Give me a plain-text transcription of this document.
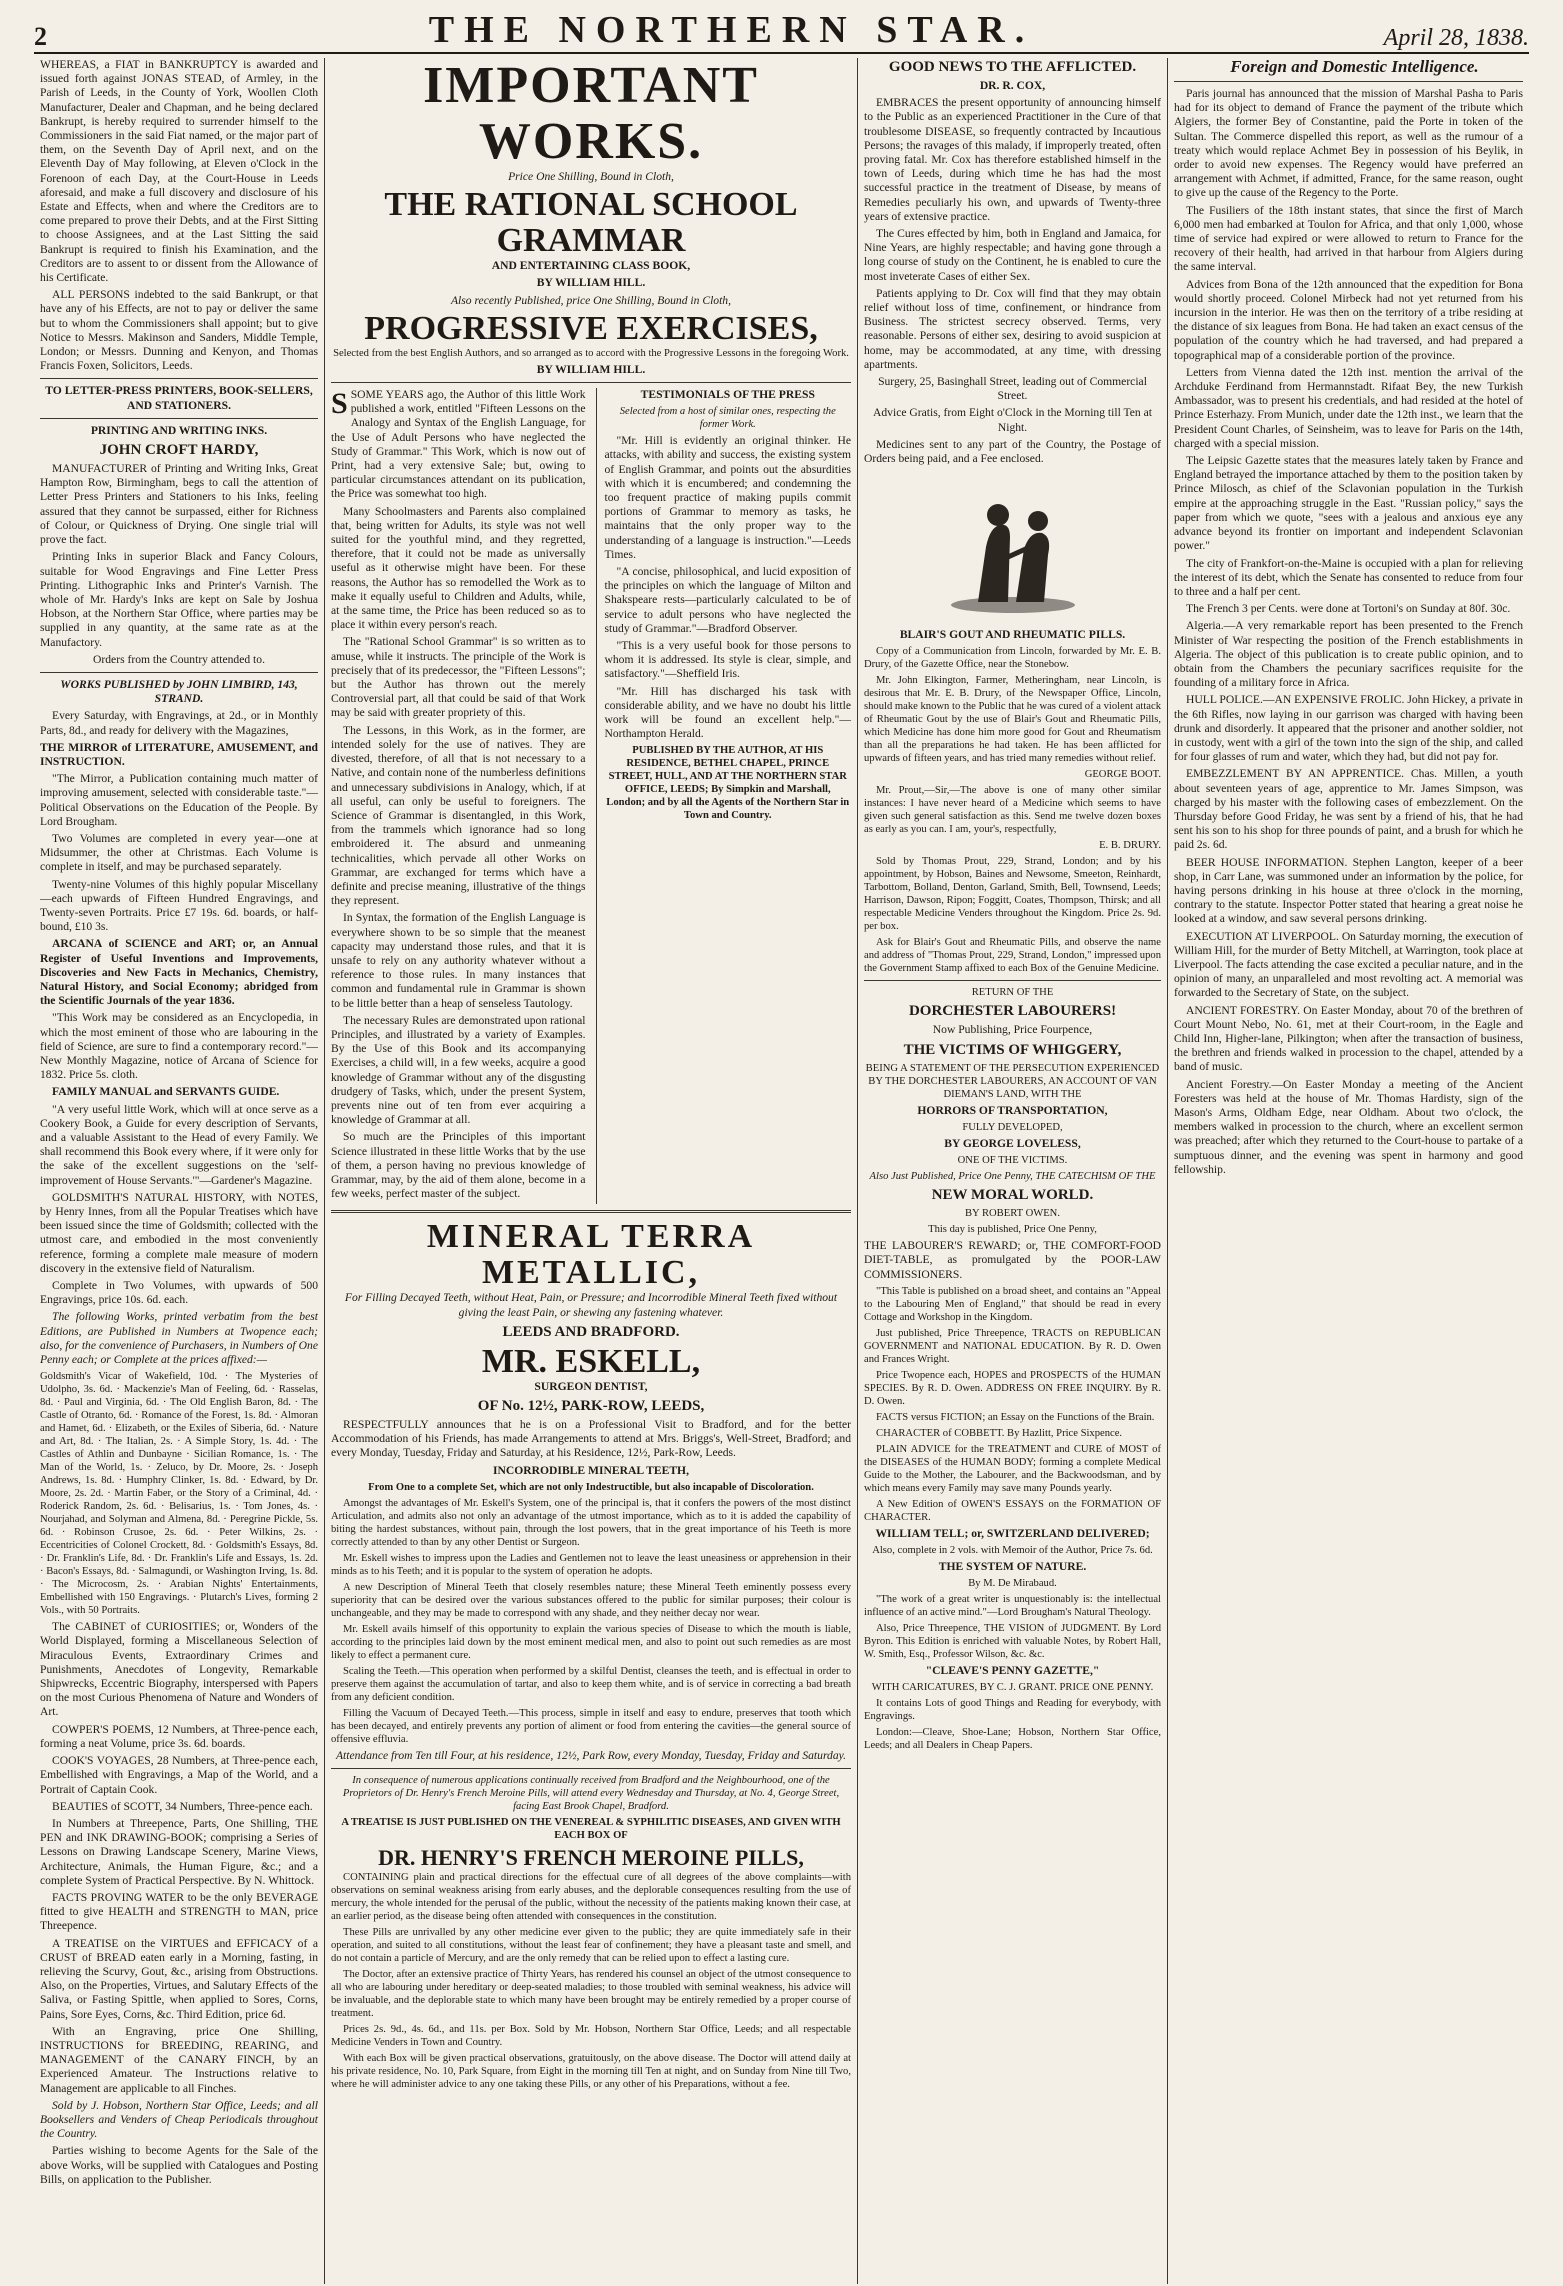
2	THE NORTHERN STAR.	April 28, 1838.

WHEREAS, a FIAT in BANKRUPTCY is awarded and issued forth against JONAS STEAD, of Armley, in the Parish of Leeds, in the County of York, Woollen Cloth Manufacturer, Dealer and Chapman, and he being declared Bankrupt, is hereby required to surrender himself to the Commissioners in the said Fiat named, or the major part of them, on the Seventh Day of April next, and on the Eleventh Day of May following, at Eleven o'Clock in the Forenoon of each Day, at the Court-House in Leeds aforesaid, and make a full discovery and disclosure of his Estate and Effects, when and where the Creditors are to come prepared to prove their Debts, and at the First Sitting to choose Assignees, and at the Last Sitting the said Bankrupt is required to finish his Examination, and the Creditors are to assent to or dissent from the Allowance of his Certificate.

ALL PERSONS indebted to the said Bankrupt, or that have any of his Effects, are not to pay or deliver the same but to whom the Commissioners shall appoint; but to give Notice to Messrs. Makinson and Sanders, Middle Temple, London; or Messrs. Dunning and Kenyon, and Thomas Francis Foxen, Solicitors, Leeds.

TO LETTER-PRESS PRINTERS, BOOK-SELLERS, AND STATIONERS.

PRINTING AND WRITING INKS.

JOHN CROFT HARDY,

MANUFACTURER of Printing and Writing Inks, Great Hampton Row, Birmingham, begs to call the attention of Letter Press Printers and Stationers to his Inks, feeling assured that they cannot be surpassed, either for Richness of Colour, or Quickness of Drying. One single trial will prove the fact.

Printing Inks in superior Black and Fancy Colours, suitable for Wood Engravings and Fine Letter Press Printing. Lithographic Inks and Printer's Varnish. The whole of Mr. Hardy's Inks are kept on Sale by Joshua Hobson, at the Northern Star Office, where parties may be supplied in any quantity, at the same rate as at the Manufactory.

Orders from the Country attended to.

WORKS PUBLISHED by JOHN LIMBIRD, 143, STRAND.

Every Saturday, with Engravings, at 2d., or in Monthly Parts, 8d., and ready for delivery with the Magazines,

THE MIRROR of LITERATURE, AMUSEMENT, and INSTRUCTION.

"The Mirror, a Publication containing much matter of improving amusement, selected with considerable taste."—Political Observations on the Education of the People. By Lord Brougham.

Two Volumes are completed in every year—one at Midsummer, the other at Christmas. Each Volume is complete in itself, and may be purchased separately.

Twenty-nine Volumes of this highly popular Miscellany—each upwards of Fifteen Hundred Engravings, and Twenty-seven Portraits. Price £7 19s. 6d. boards, or half-bound, £10 3s.

ARCANA of SCIENCE and ART; or, an Annual Register of Useful Inventions and Improvements, Discoveries and New Facts in Mechanics, Chemistry, Natural History, and Social Economy; abridged from the Scientific Journals of the year 1836.

"This Work may be considered as an Encyclopedia, in which the most eminent of those who are labouring in the field of Science, are sure to find a contemporary record."—New Monthly Magazine, notice of Arcana of Science for 1832. Price 5s. cloth.

FAMILY MANUAL and SERVANTS GUIDE.

"A very useful little Work, which will at once serve as a Cookery Book, a Guide for every description of Servants, and a valuable Assistant to the Head of every Family. We shall recommend this Book every where, if it were only for the sake of the excellent suggestions on the 'self-improvement of House Servants.'"—Gardener's Magazine.

GOLDSMITH'S NATURAL HISTORY, with NOTES, by Henry Innes, from all the Popular Treatises which have been issued since the time of Goldsmith; collected with the utmost care, and embodied in the most conveniently reference, forming a complete male measure of modern discovery in the extensive field of Naturalism.

Complete in Two Volumes, with upwards of 500 Engravings, price 10s. 6d. each.

The following Works, printed verbatim from the best Editions, are Published in Numbers at Twopence each; also, for the convenience of Purchasers, in Numbers of One Penny each; or Complete at the prices affixed:—

Goldsmith's Vicar of Wakefield, 10d. · The Mysteries of Udolpho, 3s. 6d. · Mackenzie's Man of Feeling, 6d. · Rasselas, 8d. · Paul and Virginia, 6d. · The Old English Baron, 8d. · The Castle of Otranto, 6d. · Romance of the Forest, 1s. 8d. · Almoran and Hamet, 6d. · Elizabeth, or the Exiles of Siberia, 6d. · Nature and Art, 8d. · The Italian, 2s. · A Simple Story, 1s. 4d. · The Castles of Athlin and Dunbayne · Sicilian Romance, 1s. · The Man of the World, 1s. · Zeluco, by Dr. Moore, 2s. · Joseph Andrews, 1s. 8d. · Humphry Clinker, 1s. 8d. · Edward, by Dr. Moore, 2s. 2d. · Martin Faber, or the Story of a Criminal, 4d. · Roderick Random, 2s. 6d. · Belisarius, 1s. · Tom Jones, 4s. · Nourjahad, and Solyman and Almena, 8d. · Peregrine Pickle, 5s. 6d. · Robinson Crusoe, 2s. 6d. · Peter Wilkins, 2s. · Eccentricities of Colonel Crockett, 8d. · Goldsmith's Essays, 8d. · Dr. Franklin's Life, 8d. · Dr. Franklin's Life and Essays, 1s. 2d. · Bacon's Essays, 8d. · Salmagundi, or Washington Irving, 1s. 8d. · The Microcosm, 2s. · Arabian Nights' Entertainments, Embellished with 150 Engravings. · Plutarch's Lives, forming 2 Vols., with 50 Portraits.

The CABINET of CURIOSITIES; or, Wonders of the World Displayed, forming a Miscellaneous Selection of Miraculous Events, Extraordinary Crimes and Punishments, Anecdotes of Longevity, Remarkable Shipwrecks, Eccentric Biography, interspersed with Papers on the most Curious Phenomena of Nature and Wonders of Art.

COWPER'S POEMS, 12 Numbers, at Three-pence each, forming a neat Volume, price 3s. 6d. boards.

COOK'S VOYAGES, 28 Numbers, at Three-pence each, Embellished with Engravings, a Map of the World, and a Portrait of Captain Cook.

BEAUTIES of SCOTT, 34 Numbers, Three-pence each.

In Numbers at Threepence, Parts, One Shilling, THE PEN and INK DRAWING-BOOK; comprising a Series of Lessons on Drawing Landscape Scenery, Marine Views, Architecture, Animals, the Human Figure, &c.; and a complete System of Practical Perspective. By N. Whittock.

FACTS PROVING WATER to be the only BEVERAGE fitted to give HEALTH and STRENGTH to MAN, price Threepence.

A TREATISE on the VIRTUES and EFFICACY of a CRUST of BREAD eaten early in a Morning, fasting, in relieving the Scurvy, Gout, &c., arising from Obstructions. Also, on the Properties, Virtues, and Salutary Effects of the Saliva, or Fasting Spittle, when applied to Sores, Corns, Pains, Sore Eyes, Corns, &c. Third Edition, price 6d.

With an Engraving, price One Shilling, INSTRUCTIONS for BREEDING, REARING, and MANAGEMENT of the CANARY FINCH, by an Experienced Amateur. The Instructions relative to Management are applicable to all Finches.

Sold by J. Hobson, Northern Star Office, Leeds; and all Booksellers and Venders of Cheap Periodicals throughout the Country.

Parties wishing to become Agents for the Sale of the above Works, will be supplied with Catalogues and Posting Bills, on application to the Publisher.

IMPORTANT WORKS.

Price One Shilling, Bound in Cloth,

THE RATIONAL SCHOOL GRAMMAR

AND ENTERTAINING CLASS BOOK,

BY WILLIAM HILL.

Also recently Published, price One Shilling, Bound in Cloth,

PROGRESSIVE EXERCISES,

Selected from the best English Authors, and so arranged as to accord with the Progressive Lessons in the foregoing Work.

BY WILLIAM HILL.

SSOME YEARS ago, the Author of this little Work published a work, entitled "Fifteen Lessons on the Analogy and Syntax of the English Language, for the Use of Adult Persons who have neglected the Study of Grammar." This Work, which is now out of Print, had a very extensive Sale; but, owing to particular circumstances attendant on its publication, the Price was somewhat too high.

Many Schoolmasters and Parents also complained that, being written for Adults, its style was not well suited for the youthful mind, and they regretted, therefore, that it could not be made as universally useful as it otherwise might have been. For these reasons, the Author has so remodelled the Work as to make it equally useful to Children and Adults, while, at the same time, the Price has been reduced so as to place it within every person's reach.

The "Rational School Grammar" is so written as to amuse, while it instructs. The principle of the Work is precisely that of its predecessor, the "Fifteen Lessons"; but the Author has thrown out the merely Controversial part, all that could be said of that Work may be said with greater propriety of this.

The Lessons, in this Work, as in the former, are intended solely for the use of natives. They are divested, therefore, of all that is not necessary to a Native, and contain none of the numberless definitions and unnecessary subdivisions in Analogy, which, if at all useful, can only be useful to foreigners. The Science of Grammar is disentangled, in this Work, from the trammels which ignorance had so long embroidered it. The absurd and unmeaning technicalities, which pervade all other Works on Grammar, are exchanged for terms which have a definite and precise meaning, illustrative of the things they represent.

In Syntax, the formation of the English Language is everywhere shown to be so simple that the meanest capacity may understand those rules, and that it is unsafe to rely on any authority whatever without a reference to those rules. In many instances that common and fundamental rule in Grammar is shown to be little better than a heap of senseless Tautology.

The necessary Rules are demonstrated upon rational Principles, and illustrated by a variety of Examples. By the Use of this Book and its accompanying Exercises, a child will, in a few weeks, acquire a good knowledge of Grammar without any of the disgusting drudgery of Tasks, which, under the present System, prevents nine out of ten from ever acquiring a knowledge of Grammar at all.

So much are the Principles of this important Science illustrated in these little Works that by the use of them, a person having no previous knowledge of Grammar, may, by the aid of them alone, become in a few weeks, perfect master of the subject.

TESTIMONIALS OF THE PRESS

Selected from a host of similar ones, respecting the former Work.

"Mr. Hill is evidently an original thinker. He attacks, with ability and success, the existing system of English Grammar, and points out the absurdities with which it is encumbered; and condemning the too frequent practice of making pupils commit portions of Grammar to memory as tasks, he maintains that the only proper way to the understanding of a language is instruction."—Leeds Times.

"A concise, philosophical, and lucid exposition of the principles on which the language of Milton and Shakspeare rests—particularly calculated to be of service to adult persons who have neglected the study of Grammar."—Bradford Observer.

"This is a very useful book for those persons to whom it is addressed. Its style is clear, simple, and satisfactory."—Sheffield Iris.

"Mr. Hill has discharged his task with considerable ability, and we have no doubt his little work will be found an excellent help."—Northampton Herald.

PUBLISHED BY THE AUTHOR, AT HIS RESIDENCE, BETHEL CHAPEL, PRINCE STREET, HULL, AND AT THE NORTHERN STAR OFFICE, LEEDS; By Simpkin and Marshall, London; and by all the Agents of the Northern Star in Town and Country.

MINERAL TERRA METALLIC,

For Filling Decayed Teeth, without Heat, Pain, or Pressure; and Incorrodible Mineral Teeth fixed without giving the least Pain, or shewing any fastening whatever.

LEEDS AND BRADFORD.

MR. ESKELL,

SURGEON DENTIST,

OF No. 12½, PARK-ROW, LEEDS,

RESPECTFULLY announces that he is on a Professional Visit to Bradford, and for the better Accommodation of his Friends, has made Arrangements to attend at Mrs. Briggs's, Well-Street, Bradford; and every Monday, Tuesday, Friday and Saturday, at his Residence, 12½, Park-Row, Leeds.

INCORRODIBLE MINERAL TEETH,

From One to a complete Set, which are not only Indestructible, but also incapable of Discoloration.

Amongst the advantages of Mr. Eskell's System, one of the principal is, that it confers the powers of the most distinct Articulation, and admits also not only an advantage of the utmost importance, which as to it is added the capability of biting the hardest substances, without pain, through the lost powers, that in the great importance of his Teeth is more correctly attended to than by any other Dentist or Surgeon.

Mr. Eskell wishes to impress upon the Ladies and Gentlemen not to leave the least uneasiness or apprehension in their minds as to his Teeth; and it is popular to the system of operation he adopts.

A new Description of Mineral Teeth that closely resembles nature; these Mineral Teeth eminently possess every superiority that can be desired over the various substances offered to the public for similar purposes; their colour is unchangeable, and they may be made to correspond with any shade, and they neither decay nor wear.

Mr. Eskell avails himself of this opportunity to explain the various species of Disease to which the mouth is liable, according to the principles laid down by the most eminent medical men, and also to point out such remedies as are most likely to effect a permanent cure.

Scaling the Teeth.—This operation when performed by a skilful Dentist, cleanses the teeth, and is effectual in order to preserve them against the accumulation of tartar, and also to keep them white, and is of service in correcting a bad breath from any deficient condition.

Filling the Vacuum of Decayed Teeth.—This process, simple in itself and easy to endure, preserves that tooth which has been decayed, and entirely prevents any portion of aliment or food from entering the cavities—the general source of offensive effluvia.

Attendance from Ten till Four, at his residence, 12½, Park Row, every Monday, Tuesday, Friday and Saturday.

In consequence of numerous applications continually received from Bradford and the Neighbourhood, one of the Proprietors of Dr. Henry's French Meroine Pills, will attend every Wednesday and Thursday, at No. 4, George Street, facing East Brook Chapel, Bradford.

A TREATISE IS JUST PUBLISHED ON THE VENEREAL & SYPHILITIC DISEASES, AND GIVEN WITH EACH BOX OF

DR. HENRY'S FRENCH MEROINE PILLS,

CONTAINING plain and practical directions for the effectual cure of all degrees of the above complaints—with observations on seminal weakness arising from early abuses, and the deplorable consequences resulting from the use of mercury, the whole intended for the perusal of the public, without the necessity of the patients making known their case, at an earlier period, as the disease being often attended with consequences in the constitution.

These Pills are unrivalled by any other medicine ever given to the public; they are quite immediately safe in their operation, and suited to all constitutions, without the least fear of confinement; they have a pleasant taste and smell, and do not contain a particle of Mercury, and are the only remedy that can be relied upon to effect a lasting cure.

The Doctor, after an extensive practice of Thirty Years, has rendered his counsel an object of the utmost consequence to all who are labouring under hereditary or deep-seated maladies; to those troubled with seminal weakness, his advice will be invaluable, and the deplorable state to which many have been brought may be entirely remedied by a proper course of treatment.

Prices 2s. 9d., 4s. 6d., and 11s. per Box. Sold by Mr. Hobson, Northern Star Office, Leeds; and all respectable Medicine Venders in Town and Country.

With each Box will be given practical observations, gratuitously, on the above disease. The Doctor will attend daily at his private residence, No. 10, Park Square, from Eight in the morning till Ten at night, and on Sunday from Nine till Two, where he will administer advice to any one taking these Pills, or any other of his Preparations, without a fee.

GOOD NEWS TO THE AFFLICTED.

DR. R. COX,

EMBRACES the present opportunity of announcing himself to the Public as an experienced Practitioner in the Cure of that troublesome DISEASE, so frequently contracted by Incautious Persons; the ravages of this malady, if improperly treated, often proving fatal. Mr. Cox has therefore established himself in the town of Leeds, during which time he has had the most successful practice in the treatment of Disease, by means of Remedies peculiarly his own, and upwards of Twenty-three years of extensive practice.

The Cures effected by him, both in England and Jamaica, for Nine Years, are highly respectable; and having gone through a long course of study on the Continent, he is enabled to cure the most inveterate Cases of either Sex.

Patients applying to Dr. Cox will find that they may obtain relief without loss of time, confinement, or hindrance from Business. The strictest secrecy observed. Terms, very reasonable. Persons of either sex, desiring to avoid suspicion at home, may be accommodated, at any time, with dressing apartments.

Surgery, 25, Basinghall Street, leading out of Commercial Street.

Advice Gratis, from Eight o'Clock in the Morning till Ten at Night.

Medicines sent to any part of the Country, the Postage of Orders being paid, and a Fee enclosed.

BLAIR'S GOUT AND RHEUMATIC PILLS.

Copy of a Communication from Lincoln, forwarded by Mr. E. B. Drury, of the Gazette Office, near the Stonebow.

Mr. John Elkington, Farmer, Metheringham, near Lincoln, is desirous that Mr. E. B. Drury, of the Newspaper Office, Lincoln, should make known to the Public that he was cured of a violent attack of Rheumatic Gout by the use of Blair's Gout and Rheumatic Pills, which Medicine has done him more good for Gout and Rheumatism than all the preparations he had taken. He has been afflicted for upwards of fifteen years, and has tried many remedies without relief.

GEORGE BOOT.

Mr. Prout,—Sir,—The above is one of many other similar instances: I have never heard of a Medicine which seems to have given such general satisfaction as this. Send me twelve dozen boxes as early as you can. I am, your's, respectfully,

E. B. DRURY.

Sold by Thomas Prout, 229, Strand, London; and by his appointment, by Hobson, Baines and Newsome, Smeeton, Reinhardt, Tarbottom, Bolland, Denton, Garland, Smith, Bell, Townsend, Leeds; Harrison, Dawson, Ripon; Foggitt, Coates, Thompson, Thirsk; and all respectable Medicine Venders throughout the Kingdom. Price 2s. 9d. per box.

Ask for Blair's Gout and Rheumatic Pills, and observe the name and address of "Thomas Prout, 229, Strand, London," impressed upon the Government Stamp affixed to each Box of the Genuine Medicine.

RETURN OF THE

DORCHESTER LABOURERS!

Now Publishing, Price Fourpence,

THE VICTIMS OF WHIGGERY,

BEING A STATEMENT OF THE PERSECUTION EXPERIENCED BY THE DORCHESTER LABOURERS, AN ACCOUNT OF VAN DIEMAN'S LAND, WITH THE

HORRORS OF TRANSPORTATION,

FULLY DEVELOPED,

BY GEORGE LOVELESS,

ONE OF THE VICTIMS.

Also Just Published, Price One Penny, THE CATECHISM OF THE

NEW MORAL WORLD.

BY ROBERT OWEN.

This day is published, Price One Penny,

THE LABOURER'S REWARD; or, THE COMFORT-FOOD DIET-TABLE, as promulgated by the POOR-LAW COMMISSIONERS.

"This Table is published on a broad sheet, and contains an "Appeal to the Labouring Men of England," that should be read in every Cottage and Workshop in the Kingdom.

Just published, Price Threepence, TRACTS on REPUBLICAN GOVERNMENT and NATIONAL EDUCATION. By R. D. Owen and Frances Wright.

Price Twopence each, HOPES and PROSPECTS of the HUMAN SPECIES. By R. D. Owen. ADDRESS ON FREE INQUIRY. By R. D. Owen.

FACTS versus FICTION; an Essay on the Functions of the Brain.

CHARACTER of COBBETT. By Hazlitt, Price Sixpence.

PLAIN ADVICE for the TREATMENT and CURE of MOST of the DISEASES of the HUMAN BODY; forming a complete Medical Guide to the Mother, the Labourer, and the Backwoodsman, and by which means every Family may save many Pounds yearly.

A New Edition of OWEN'S ESSAYS on the FORMATION OF CHARACTER.

WILLIAM TELL; or, SWITZERLAND DELIVERED;

Also, complete in 2 vols. with Memoir of the Author, Price 7s. 6d.

THE SYSTEM OF NATURE.

By M. De Mirabaud.

"The work of a great writer is unquestionably is: the intellectual influence of an active mind."—Lord Brougham's Natural Theology.

Also, Price Threepence, THE VISION of JUDGMENT. By Lord Byron. This Edition is enriched with valuable Notes, by Robert Hall, W. Smith, Esq., Professor Wilson, &c. &c.

"CLEAVE'S PENNY GAZETTE,"

WITH CARICATURES, BY C. J. GRANT. PRICE ONE PENNY.

It contains Lots of good Things and Reading for everybody, with Engravings.

London:—Cleave, Shoe-Lane; Hobson, Northern Star Office, Leeds; and all Dealers in Cheap Papers.

Foreign and Domestic Intelligence.

Paris journal has announced that the mission of Marshal Pasha to Paris had for its object to demand of France the payment of the tribute which Algiers, the former Bey of Constantine, paid the Porte in token of the Sultan. The Commerce dispelled this report, as well as the rumour of a treaty which would replace Achmet Bey in possession of his Beylik, in order to avoid new expenses. The Regency would have preferred an arrangement with Achmet, if admitted, France, for the same reason, ought to give up the cause of the Regency to the Porte.

The Fusiliers of the 18th instant states, that since the first of March 6,000 men had embarked at Toulon for Africa, and that only 1,000, whose time of service had expired or were allowed to return to France for the recovery of their health, had arrived in that harbour from Algiers during the same interval.

Advices from Bona of the 12th announced that the expedition for Bona would shortly proceed. Colonel Mirbeck had not yet returned from his incursion in the interior. He was then on the territory of a tribe residing at the distance of six leagues from Bona. He had taken an exact census of the population of the country which he had traversed, and had prepared a topographical map of a considerable portion of the province.

Letters from Vienna dated the 12th inst. mention the arrival of the Archduke Ferdinand from Hermannstadt. Rifaat Bey, the new Turkish Ambassador, was to present his credentials, and had resided at the hotel of Prince Esterhazy. From Munich, under date the 12th inst., we learn that the President Count Charles, of Seinsheim, was to leave for Paris on the 14th, charged with a special mission.

The Leipsic Gazette states that the measures lately taken by France and England betrayed the importance attached by them to the position taken by Prince Milosch, as chief of the Sclavonian population in the Turkish empire at the approaching struggle in the East. "Russian policy," says the paper from which we quote, "sees with a jealous and anxious eye any advance beyond its frontier on important and independent Sclavonian power."

The city of Frankfort-on-the-Maine is occupied with a plan for relieving the interest of its debt, which the Senate has consented to reduce from four to three and a half per cent.

The French 3 per Cents. were done at Tortoni's on Sunday at 80f. 30c.

Algeria.—A very remarkable report has been presented to the French Minister of War respecting the position of the French establishments in Algeria. The object of this publication is to create public opinion, and to obtain from the Chambers the pecuniary sacrifices requisite for the founding of a military force in Africa.

HULL POLICE.—AN EXPENSIVE FROLIC. John Hickey, a private in the 6th Rifles, now laying in our garrison was charged with having been drunk and disorderly. It appeared that the prisoner and another soldier, not in custody, went with a girl of the town into the sign of the ship, and called for four glasses of rum and water, which they had, but did not pay for.

EMBEZZLEMENT BY AN APPRENTICE. Chas. Millen, a youth about seventeen years of age, apprentice to Mr. James Simpson, was charged by his master with the following cases of embezzlement. On the Thursday before Good Friday, he was sent by a friend of his, that he had sent his son to his shop for three pounds of paint, and a brush for which he paid 2s. 6d.

BEER HOUSE INFORMATION. Stephen Langton, keeper of a beer shop, in Carr Lane, was summoned under an information by the police, for having persons drinking in his house at three o'clock in the morning, contrary to the statute. Inspector Potter stated that hearing a great noise he looked at a window, and saw several persons drinking.

EXECUTION AT LIVERPOOL. On Saturday morning, the execution of William Hill, for the murder of Betty Mitchell, at Warrington, took place at Liverpool. The facts attending the case excited a peculiar nature, and in the opinion of many, an unparalleled and most revolting act. A memorial was forwarded to the Secretary of State, on the subject.

ANCIENT FORESTRY. On Easter Monday, about 70 of the brethren of Court Mount Nebo, No. 61, met at their Court-room, in the Eagle and Child Inn, Higher-lane, Pilkington; when after the transaction of business, the brethren and friends walked in procession to the chapel, attended by a band of music.

Ancient Forestry.—On Easter Monday a meeting of the Ancient Foresters was held at the house of Mr. Thomas Hardisty, sign of the Mason's Arms, Oldham Edge, near Oldham. About two o'clock, the members walked in procession to the church, where an excellent sermon was preached; after which they returned to the Court-house to partake of a sumptuous dinner, and the evening was spent in harmony and good fellowship.
